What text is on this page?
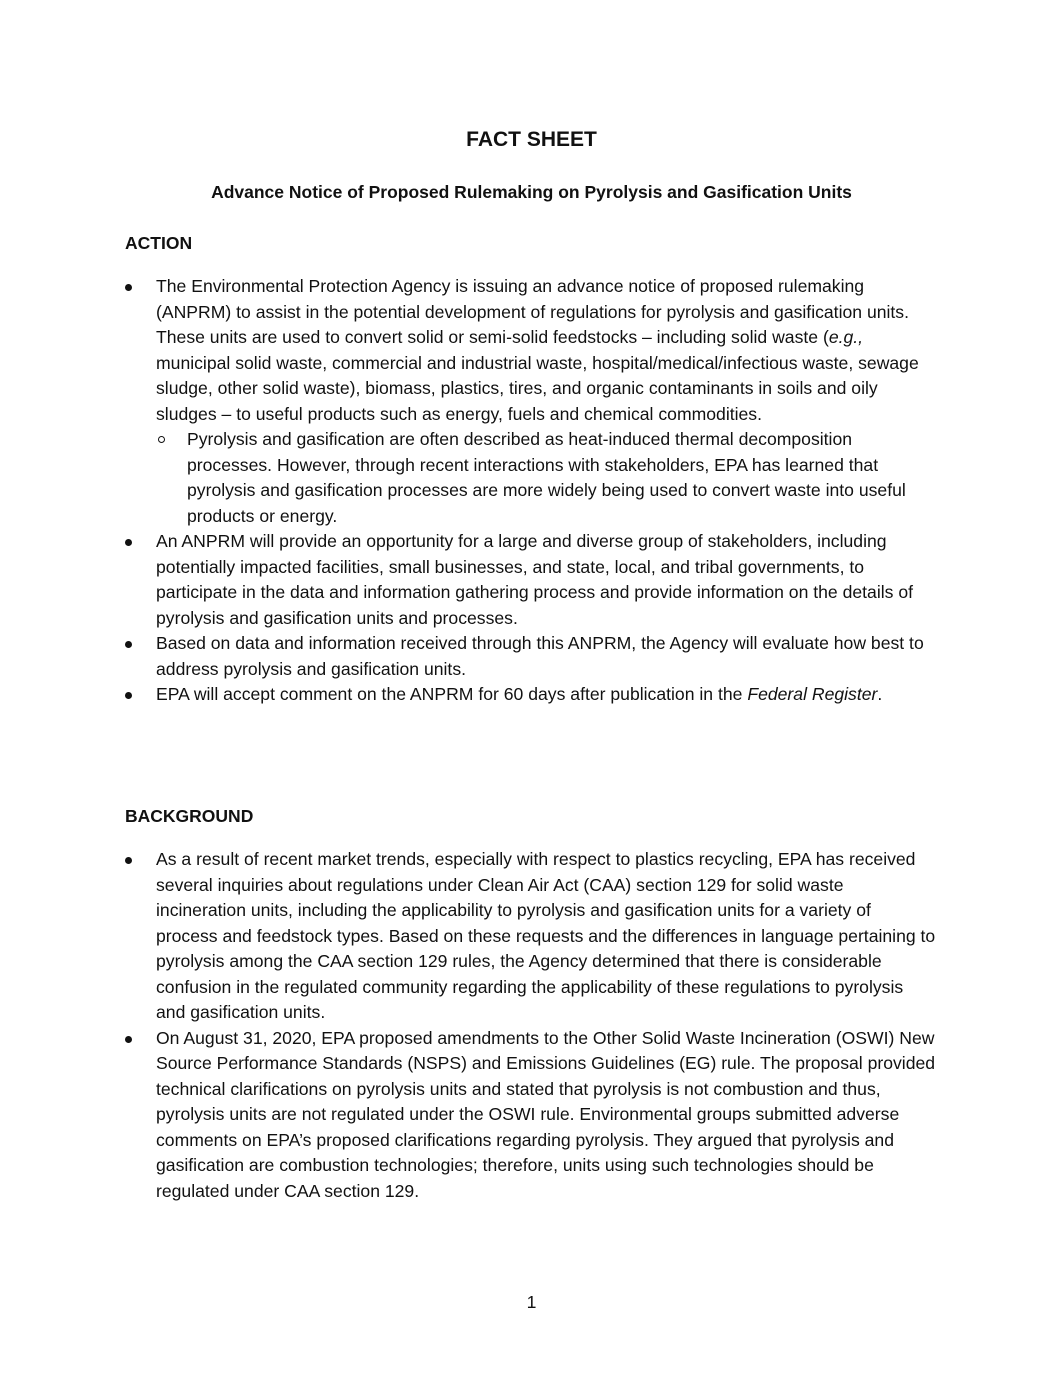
FACT SHEET
Advance Notice of Proposed Rulemaking on Pyrolysis and Gasification Units
ACTION
The Environmental Protection Agency is issuing an advance notice of proposed rulemaking (ANPRM) to assist in the potential development of regulations for pyrolysis and gasification units. These units are used to convert solid or semi-solid feedstocks – including solid waste (e.g., municipal solid waste, commercial and industrial waste, hospital/medical/infectious waste, sewage sludge, other solid waste), biomass, plastics, tires, and organic contaminants in soils and oily sludges – to useful products such as energy, fuels and chemical commodities.
Pyrolysis and gasification are often described as heat-induced thermal decomposition processes. However, through recent interactions with stakeholders, EPA has learned that pyrolysis and gasification processes are more widely being used to convert waste into useful products or energy.
An ANPRM will provide an opportunity for a large and diverse group of stakeholders, including potentially impacted facilities, small businesses, and state, local, and tribal governments, to participate in the data and information gathering process and provide information on the details of pyrolysis and gasification units and processes.
Based on data and information received through this ANPRM, the Agency will evaluate how best to address pyrolysis and gasification units.
EPA will accept comment on the ANPRM for 60 days after publication in the Federal Register.
BACKGROUND
As a result of recent market trends, especially with respect to plastics recycling, EPA has received several inquiries about regulations under Clean Air Act (CAA) section 129 for solid waste incineration units, including the applicability to pyrolysis and gasification units for a variety of process and feedstock types. Based on these requests and the differences in language pertaining to pyrolysis among the CAA section 129 rules, the Agency determined that there is considerable confusion in the regulated community regarding the applicability of these regulations to pyrolysis and gasification units.
On August 31, 2020, EPA proposed amendments to the Other Solid Waste Incineration (OSWI) New Source Performance Standards (NSPS) and Emissions Guidelines (EG) rule. The proposal provided technical clarifications on pyrolysis units and stated that pyrolysis is not combustion and thus, pyrolysis units are not regulated under the OSWI rule. Environmental groups submitted adverse comments on EPA’s proposed clarifications regarding pyrolysis. They argued that pyrolysis and gasification are combustion technologies; therefore, units using such technologies should be regulated under CAA section 129.
1
